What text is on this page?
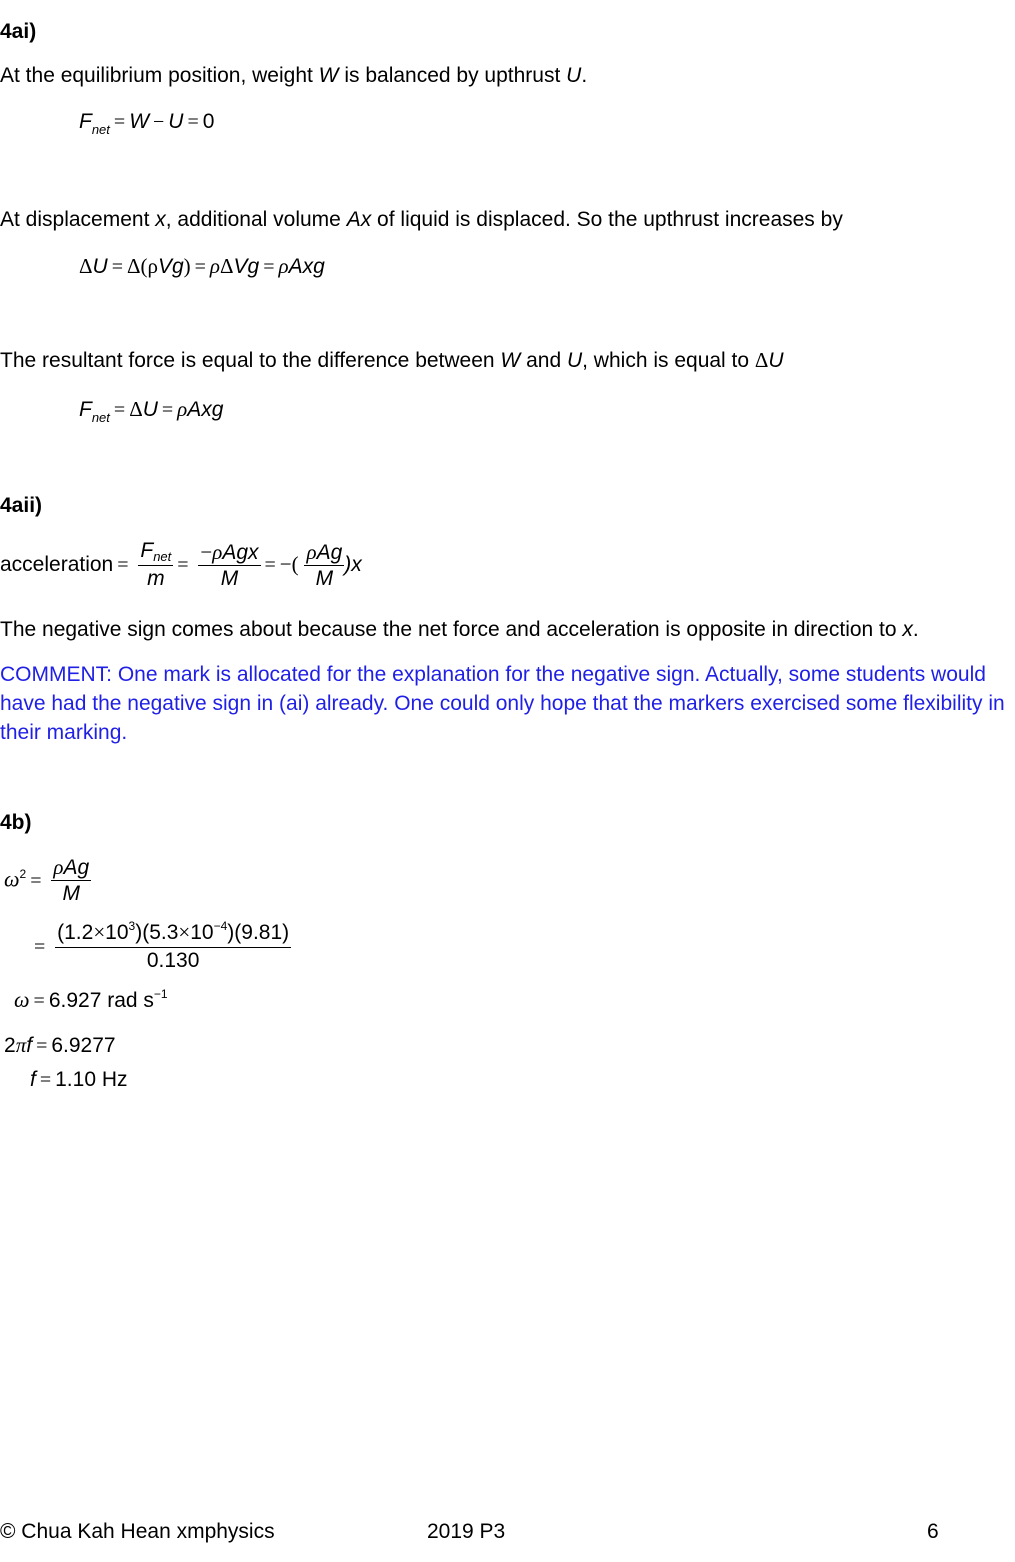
4ai)
At the equilibrium position, weight W is balanced by upthrust U.
$F_{net} = W - U = 0$
At displacement x, additional volume Ax of liquid is displaced. So the upthrust increases by
ΔU = Δ(ρVg) = ρΔVg = ρAxg
The resultant force is equal to the difference between W and U, which is equal to ΔU
$F_{net} = \Delta U = \rho Axg$
4aii)
acceleration = $\frac{\text{Fnet}}{m} = \frac{\text{−ρAgx}}{M}$ = −( $\frac{\text{ρAg}}{M} )x$
The negative sign comes about because the net force and acceleration is opposite in direction to x.
COMMENT: One mark is allocated for the explanation for the negative sign. Actually, some students would have had the negative sign in (ai) already. One could only hope that the markers exercised some flexibility in their marking.
4b)
$\omega^2 = \frac{\text{ρAg}}{M}$
= $\frac{(1.2\times 10^3)(5.3\times 10^{-4})(9.81)}{0.130}$
ω = 6.927 rad $s^{-1}$
2πf = 6.9277
f = 1.10 Hz
© Chua Kah Hean xmphysics	2019 P3	6
